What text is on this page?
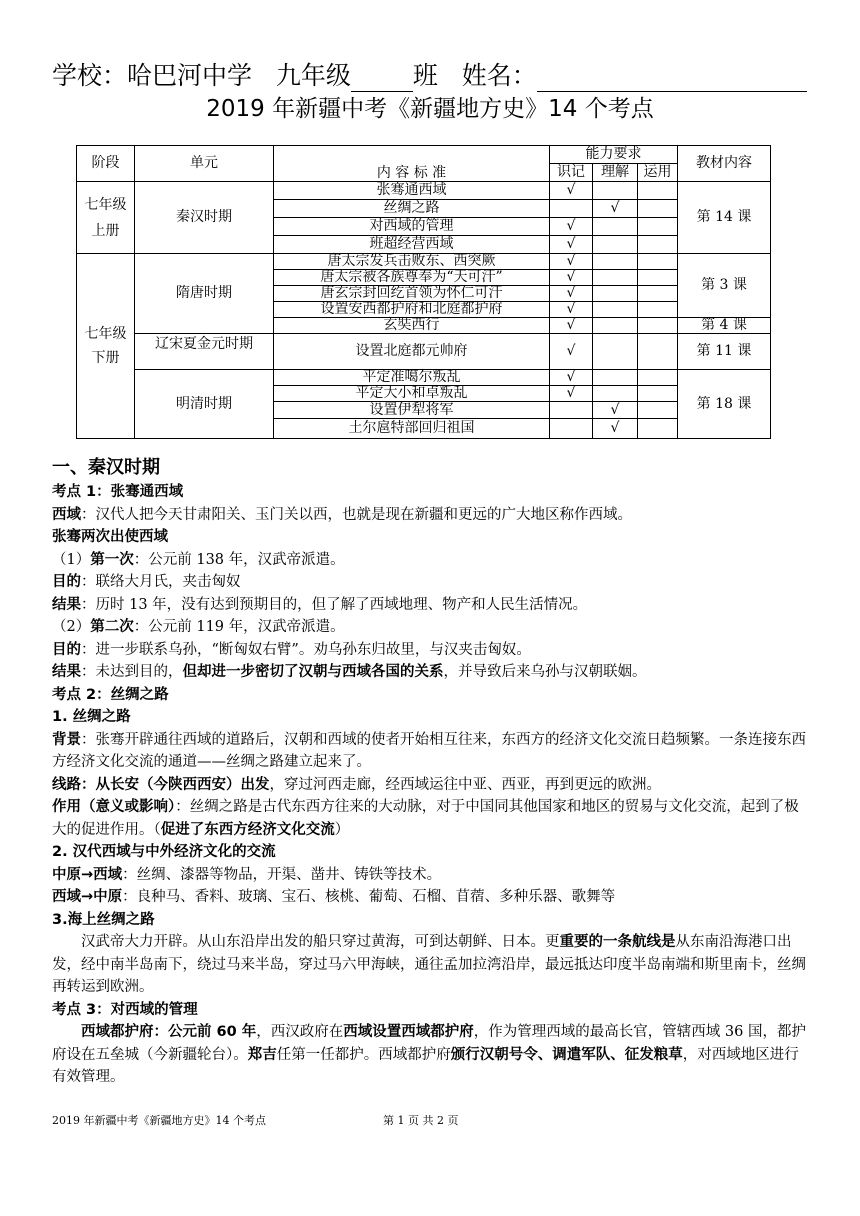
学校：哈巴河中学 九年级 班 姓名：
2019 年新疆中考《新疆地方史》14 个考点
阶段	单元	内 容 标 准	能力要求			教材内容
			识记	理解	运用	
七年级 上册	秦汉时期	张骞通西域	√			第 14 课
		丝绸之路		√		
		对西域的管理	√			
		班超经营西域	√			
七年级 下册	隋唐时期	唐太宗发兵击败东、西突厥	√			第 3 课
		唐太宗被各族尊奉为“天可汗”	√			
		唐玄宗封回纥首领为怀仁可汗	√			
		设置安西都护府和北庭都护府	√			
		玄奘西行	√			第 4 课
	辽宋夏金元时期	设置北庭都元帅府	√			第 11 课
	明清时期	平定准噶尔叛乱	√			第 18 课
		平定大小和卓叛乱	√			
		设置伊犁将军		√		
		土尔扈特部回归祖国		√		

一、秦汉时期

考点 1：张骞通西域

西域：汉代人把今天甘肃阳关、玉门关以西，也就是现在新疆和更远的广大地区称作西域。

张骞两次出使西域

（1）第一次：公元前 138 年，汉武帝派遣。

目的：联络大月氏，夹击匈奴

结果：历时 13 年，没有达到预期目的，但了解了西域地理、物产和人民生活情况。

（2）第二次：公元前 119 年，汉武帝派遣。

目的：进一步联系乌孙，“断匈奴右臂”。劝乌孙东归故里，与汉夹击匈奴。

结果：未达到目的，但却进一步密切了汉朝与西域各国的关系，并导致后来乌孙与汉朝联姻。

考点 2：丝绸之路

1. 丝绸之路

背景：张骞开辟通往西域的道路后，汉朝和西域的使者开始相互往来，东西方的经济文化交流日趋频繁。一条连接东西方经济文化交流的通道——丝绸之路建立起来了。

线路：从长安（今陕西西安）出发，穿过河西走廊，经西域运往中亚、西亚，再到更远的欧洲。

作用（意义或影响）：丝绸之路是古代东西方往来的大动脉，对于中国同其他国家和地区的贸易与文化交流，起到了极大的促进作用。（促进了东西方经济文化交流）

2. 汉代西域与中外经济文化的交流

中原→西域：丝绸、漆器等物品，开渠、凿井、铸铁等技术。

西域→中原：良种马、香料、玻璃、宝石、核桃、葡萄、石榴、苜蓿、多种乐器、歌舞等

3.海上丝绸之路

汉武帝大力开辟。从山东沿岸出发的船只穿过黄海，可到达朝鲜、日本。更重要的一条航线是从东南沿海港口出发，经中南半岛南下，绕过马来半岛，穿过马六甲海峡，通往孟加拉湾沿岸，最远抵达印度半岛南端和斯里南卡，丝绸再转运到欧洲。

考点 3：对西域的管理

西域都护府：公元前 60 年，西汉政府在西域设置西域都护府，作为管理西域的最高长官，管辖西域 36 国，都护府设在五垒城（今新疆轮台）。郑吉任第一任都护。西域都护府颁行汉朝号令、调遣军队、征发粮草，对西域地区进行有效管理。

2019 年新疆中考《新疆地方史》14 个考点	第 1 页 共 2 页
